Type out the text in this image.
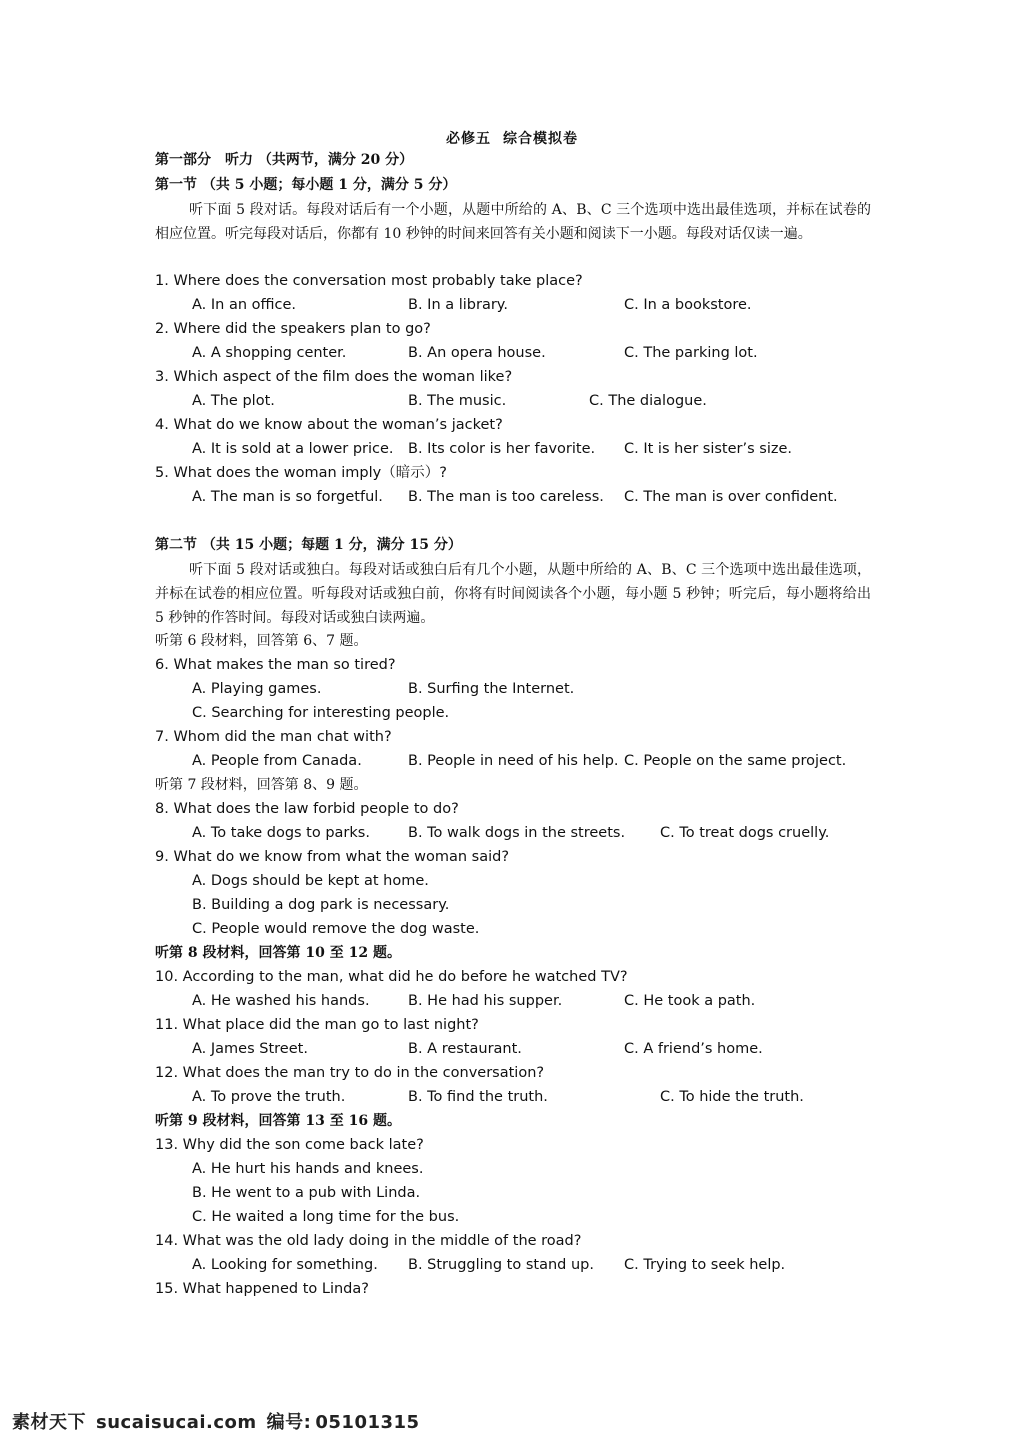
必修五 综合模拟卷
第一部分　听力 （共两节，满分 20 分）
第一节 （共 5 小题；每小题 1 分，满分 5 分）
听下面 5 段对话。每段对话后有一个小题，从题中所给的 A、B、C 三个选项中选出最佳选项，并标在试卷的相应位置。听完每段对话后，你都有 10 秒钟的时间来回答有关小题和阅读下一小题。每段对话仅读一遍。
1. Where does the conversation most probably take place?
A. In an office.	B. In a library.	C. In a bookstore.
2. Where did the speakers plan to go?
A. A shopping center.	B. An opera house.	C. The parking lot.
3. Which aspect of the film does the woman like?
A. The plot.	B. The music.	C. The dialogue.
4. What do we know about the woman’s jacket?
A. It is sold at a lower price. B. Its color is her favorite. C. It is her sister’s size.
5. What does the woman imply（暗示）?
A. The man is so forgetful. B. The man is too careless. C. The man is over confident.
第二节 （共 15 小题；每题 1 分，满分 15 分）
听下面 5 段对话或独白。每段对话或独白后有几个小题，从题中所给的 A、B、C 三个选项中选出最佳选项，并标在试卷的相应位置。听每段对话或独白前，你将有时间阅读各个小题，每小题 5 秒钟；听完后，每小题将给出 5 秒钟的作答时间。每段对话或独白读两遍。
听第 6 段材料，回答第 6、7 题。
6. What makes the man so tired?
A. Playing games.	B. Surfing the Internet.
C. Searching for interesting people.
7. Whom did the man chat with?
A. People from Canada.	B. People in need of his help. C. People on the same project.
听第 7 段材料，回答第 8、9 题。
8. What does the law forbid people to do?
A. To take dogs to parks.	B. To walk dogs in the streets. C. To treat dogs cruelly.
9. What do we know from what the woman said?
A. Dogs should be kept at home.
B. Building a dog park is necessary.
C. People would remove the dog waste.
听第 8 段材料，回答第 10 至 12 题。
10. According to the man, what did he do before he watched TV?
A. He washed his hands.	B. He had his supper.	C. He took a path.
11. What place did the man go to last night?
A. James Street.	B. A restaurant.	C. A friend’s home.
12. What does the man try to do in the conversation?
A. To prove the truth.	B. To find the truth.	C. To hide the truth.
听第 9 段材料，回答第 13 至 16 题。
13. Why did the son come back late?
A. He hurt his hands and knees.
B. He went to a pub with Linda.
C. He waited a long time for the bus.
14. What was the old lady doing in the middle of the road?
A. Looking for something. B. Struggling to stand up. C. Trying to seek help.
15. What happened to Linda?
素材天下 sucaisucai.com 编号: 05101315
